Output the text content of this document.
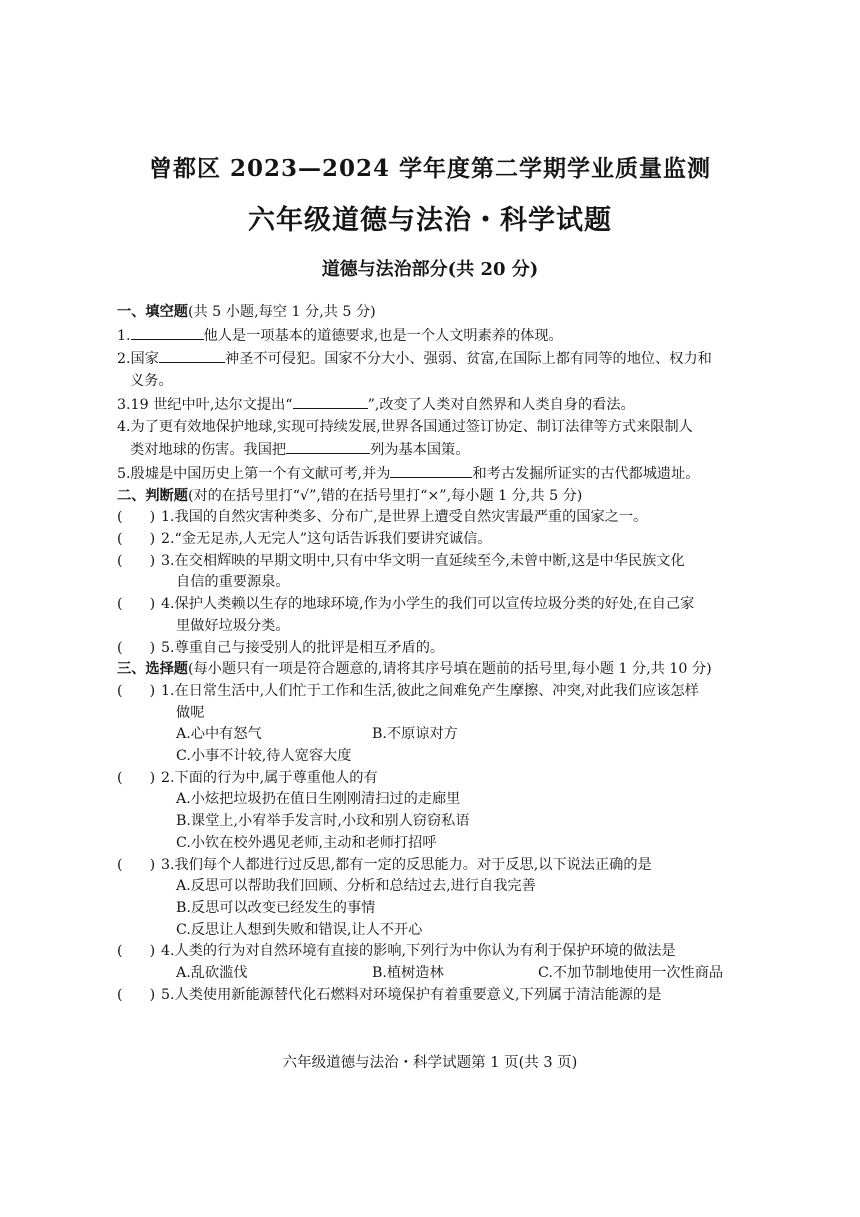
曾都区 2023—2024 学年度第二学期学业质量监测
六年级道德与法治・科学试题
道德与法治部分(共 20 分)
一、填空题 (共 5 小题,每空 1 分,共 5 分)
1.	他人是一项基本的道德要求,也是一个人文明素养的体现。
2. 国家	神圣不可侵犯。国家不分大小、强弱、贫富,在国际上都有同等的地位、权力和
义务。
3.19 世纪中叶,达尔文提出“	”,改变了人类对自然界和人类自身的看法。
4.为了更有效地保护地球,实现可持续发展,世界各国通过签订协定、制订法律等方式来限制人
类对地球的伤害。我国把	列为基本国策。
5.殷墟是中国历史上第一个有文献可考,并为	和考古发掘所证实的古代都城遗址。
二、判断题 (对的在括号里打“√”,错的在括号里打“×”,每小题 1 分,共 5 分)
(      ) 1.我国的自然灾害种类多、分布广,是世界上遭受自然灾害最严重的国家之一。
(      ) 2.“金无足赤,人无完人”这句话告诉我们要讲究诚信。
(      ) 3.在交相辉映的早期文明中,只有中华文明一直延续至今,未曾中断,这是中华民族文化
自信的重要源泉。
(      ) 4.保护人类赖以生存的地球环境,作为小学生的我们可以宣传垃圾分类的好处,在自己家
里做好垃圾分类。
(      ) 5.尊重自己与接受别人的批评是相互矛盾的。
三、选择题 (每小题只有一项是符合题意的,请将其序号填在题前的括号里,每小题 1 分,共 10 分)
(      ) 1.在日常生活中,人们忙于工作和生活,彼此之间难免产生摩擦、冲突,对此我们应该怎样
做呢
A.心中有怒气	B.不原谅对方
C.小事不计较,待人宽容大度
(      ) 2.下面的行为中,属于尊重他人的有
A.小炫把垃圾扔在值日生刚刚清扫过的走廊里
B.课堂上,小宥举手发言时,小玟和别人窃窃私语
C.小钦在校外遇见老师,主动和老师打招呼
(      ) 3.我们每个人都进行过反思,都有一定的反思能力。对于反思,以下说法正确的是
A.反思可以帮助我们回顾、分析和总结过去,进行自我完善
B.反思可以改变已经发生的事情
C.反思让人想到失败和错误,让人不开心
(      ) 4.人类的行为对自然环境有直接的影响,下列行为中你认为有利于保护环境的做法是
A.乱砍滥伐	B.植树造林	C.不加节制地使用一次性商品
(      ) 5.人类使用新能源替代化石燃料对环境保护有着重要意义,下列属于清洁能源的是
六年级道德与法治・科学试题第 1 页(共 3 页)
